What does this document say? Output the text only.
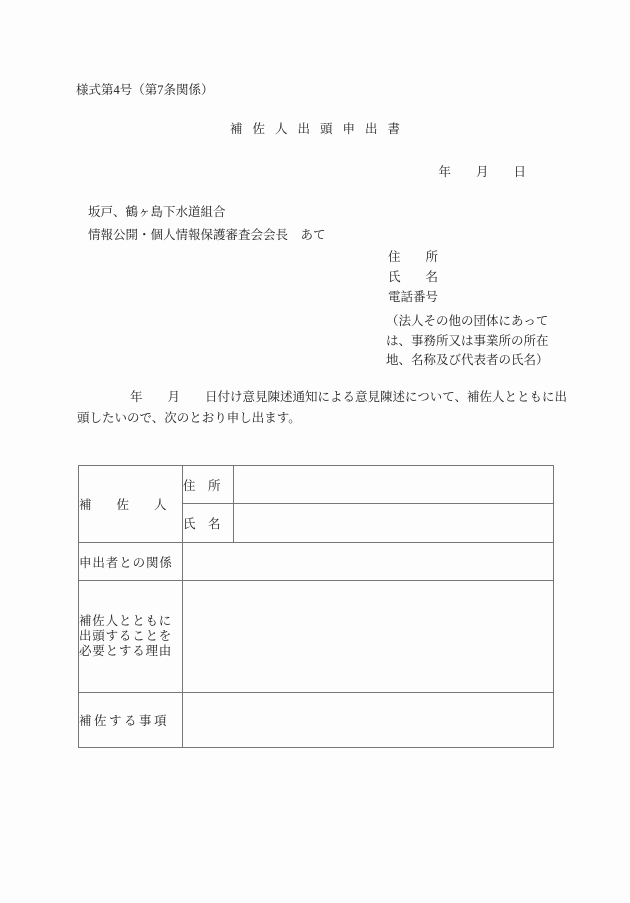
様式第4号（第7条関係）
補佐人出頭申出書
年　　月　　日
坂戸、鶴ヶ島下水道組合
情報公開・個人情報保護審査会会長　あて
住　　所
氏　　名
電話番号
（法人その他の団体にあって
は、事務所又は事業所の所在
地、名称及び代表者の氏名）
年　　月　　日付け意見陳述通知による意見陳述について、補佐人とともに出
頭したいので、次のとおり申し出ます。
補　　佐　　人	住　所	
	氏　名	
申出者との関係		

補佐人とともに
出頭することを
必要とする理由		

補佐する事項		
